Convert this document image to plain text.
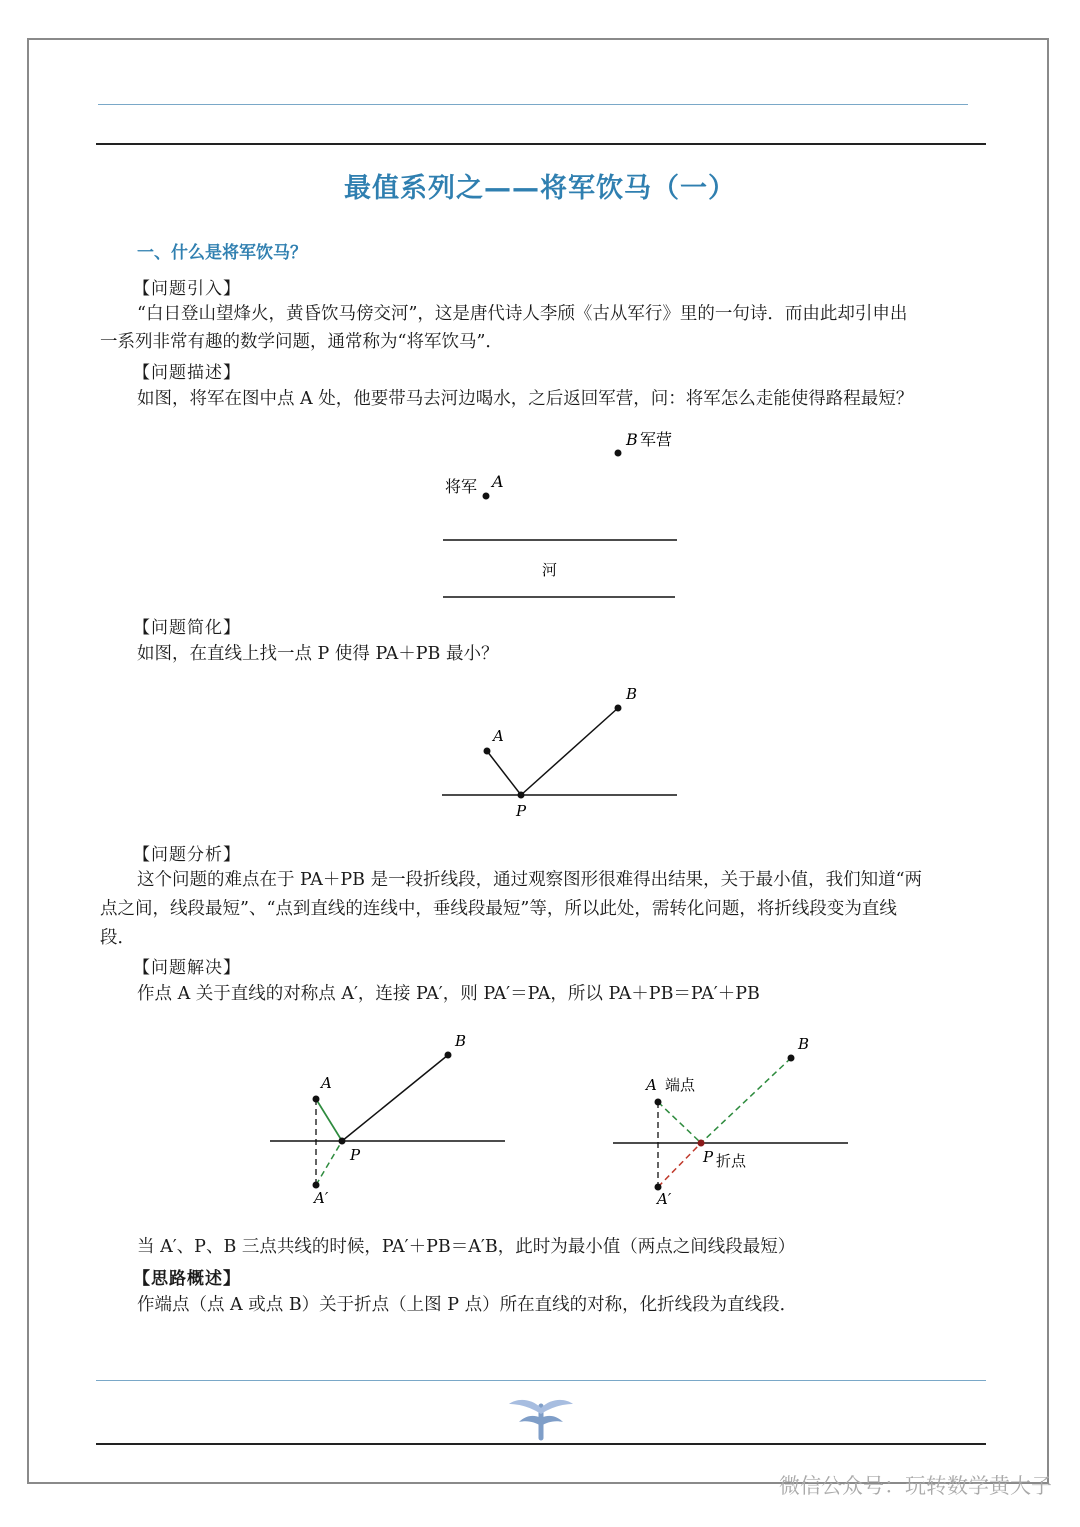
最值系列之——将军饮马（一）
一、什么是将军饮马？
【问题引入】
“白日登山望烽火，黄昏饮马傍交河”，这是唐代诗人李颀《古从军行》里的一句诗．而由此却引申出
一系列非常有趣的数学问题，通常称为“将军饮马”．
【问题描述】
如图，将军在图中点 A 处，他要带马去河边喝水，之后返回军营，问：将军怎么走能使得路程最短？
B 军营
将军 A
河
【问题简化】
如图，在直线上找一点 P 使得 PA＋PB 最小？
A
B
P
【问题分析】
这个问题的难点在于 PA＋PB 是一段折线段，通过观察图形很难得出结果，关于最小值，我们知道“两
点之间，线段最短”、“点到直线的连线中，垂线段最短”等，所以此处，需转化问题，将折线段变为直线
段．
【问题解决】
作点 A 关于直线的对称点 A′，连接 PA′，则 PA′＝PA，所以 PA＋PB＝PA′＋PB
A
B
P
A′
A 端点
B
P 折点
A′
当 A′、P、B 三点共线的时候，PA′＋PB＝A′B，此时为最小值（两点之间线段最短）
【思路概述】
作端点（点 A 或点 B）关于折点（上图 P 点）所在直线的对称，化折线段为直线段．
微信公众号：玩转数学黄大子
